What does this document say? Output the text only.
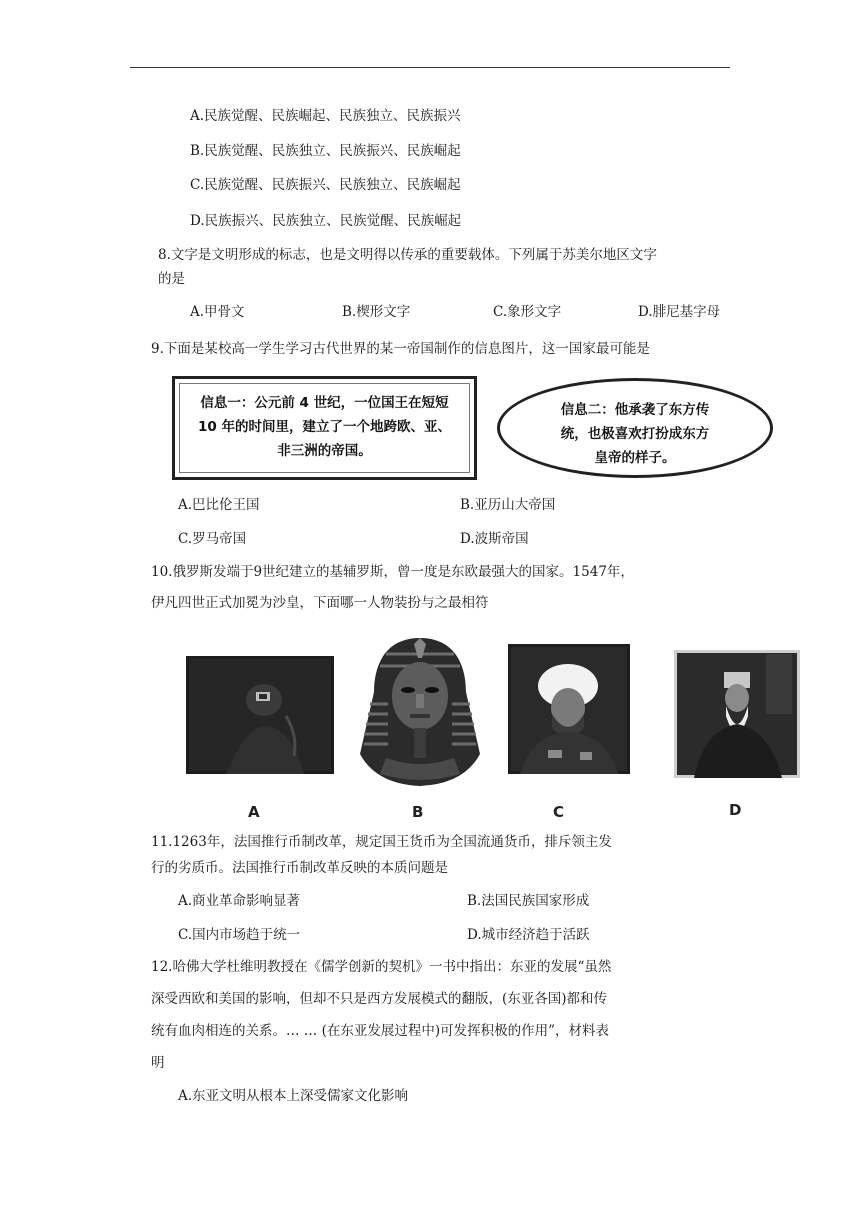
A.民族觉醒、民族崛起、民族独立、民族振兴
B.民族觉醒、民族独立、民族振兴、民族崛起
C.民族觉醒、民族振兴、民族独立、民族崛起
D.民族振兴、民族独立、民族觉醒、民族崛起
8.文字是文明形成的标志，也是文明得以传承的重要载体。下列属于苏美尔地区文字
的是
A.甲骨文	B.楔形文字	C.象形文字	D.腓尼基字母
9.下面是某校高一学生学习古代世界的某一帝国制作的信息图片，这一国家最可能是
信息一：公元前 4 世纪，一位国王在短短
10 年的时间里，建立了一个地跨欧、亚、
非三洲的帝国。
信息二：他承袭了东方传
统，也极喜欢打扮成东方
皇帝的样子。
A.巴比伦王国	B.亚历山大帝国
C.罗马帝国	D.波斯帝国
10.俄罗斯发端于9世纪建立的基辅罗斯，曾一度是东欧最强大的国家。1547年，
伊凡四世正式加冕为沙皇，下面哪一人物装扮与之最相符
A	B	C	D
11.1263年，法国推行币制改革，规定国王货币为全国流通货币，排斥领主发
行的劣质币。法国推行币制改革反映的本质问题是
A.商业革命影响显著	B.法国民族国家形成
C.国内市场趋于统一	D.城市经济趋于活跃
12.哈佛大学杜维明教授在《儒学创新的契机》一书中指出：东亚的发展“虽然
深受西欧和美国的影响，但却不只是西方发展模式的翻版，(东亚各国)都和传
统有血肉相连的关系。… … (在东亚发展过程中)可发挥积极的作用”，材料表
明
A.东亚文明从根本上深受儒家文化影响
